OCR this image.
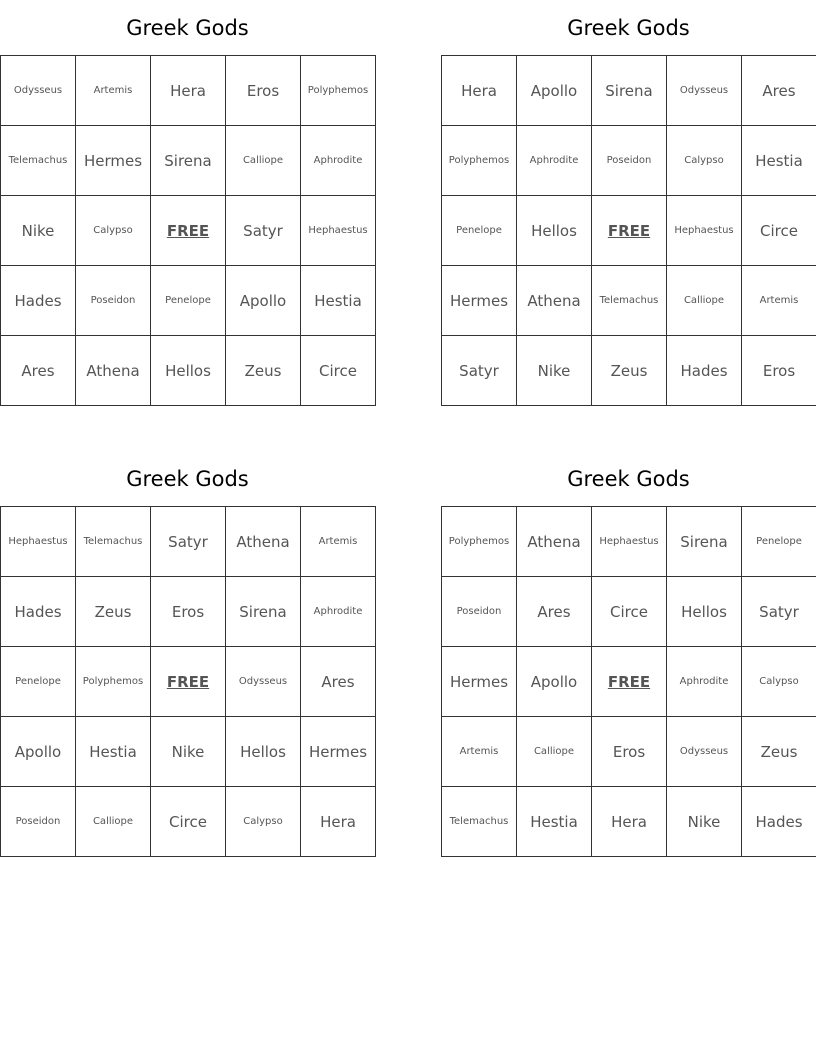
Greek Gods
Odysseus	Artemis	Hera	Eros	Polyphemos
Telemachus	Hermes	Sirena	Calliope	Aphrodite
Nike	Calypso	FREE	Satyr	Hephaestus
Hades	Poseidon	Penelope	Apollo	Hestia
Ares	Athena	Hellos	Zeus	Circe
Greek Gods
Hera	Apollo	Sirena	Odysseus	Ares
Polyphemos	Aphrodite	Poseidon	Calypso	Hestia
Penelope	Hellos	FREE	Hephaestus	Circe
Hermes	Athena	Telemachus	Calliope	Artemis
Satyr	Nike	Zeus	Hades	Eros
Greek Gods
Hephaestus	Telemachus	Satyr	Athena	Artemis
Hades	Zeus	Eros	Sirena	Aphrodite
Penelope	Polyphemos	FREE	Odysseus	Ares
Apollo	Hestia	Nike	Hellos	Hermes
Poseidon	Calliope	Circe	Calypso	Hera
Greek Gods
Polyphemos	Athena	Hephaestus	Sirena	Penelope
Poseidon	Ares	Circe	Hellos	Satyr
Hermes	Apollo	FREE	Aphrodite	Calypso
Artemis	Calliope	Eros	Odysseus	Zeus
Telemachus	Hestia	Hera	Nike	Hades
